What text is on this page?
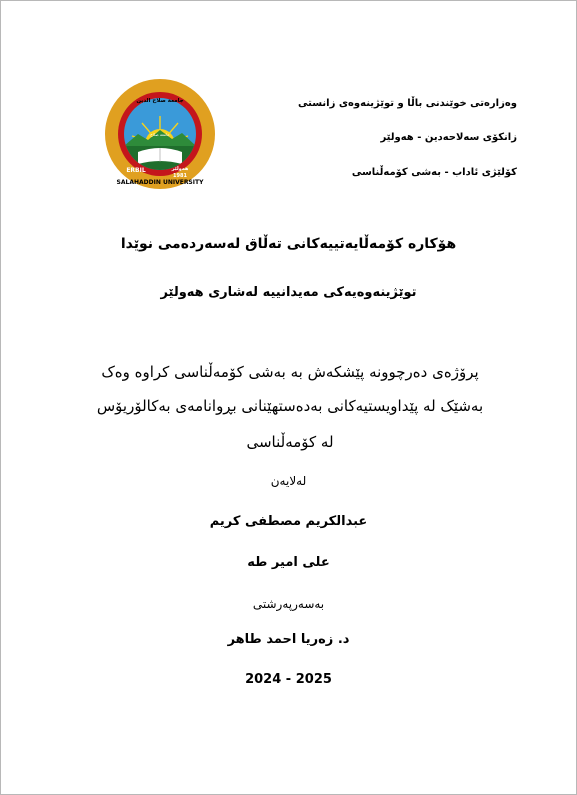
جامعة صلاح الدين
جامعة صلاح
ERBIL	هەولێر
1981
SALAHADDIN UNIVERSITY
وەزارەتی خوێندنی باڵا و توێژینەوەی زانستی
زانکۆی سەلاحەدین - هەولێر
کۆلێژی ئاداب - بەشی کۆمەڵناسی
هۆکارە کۆمەڵایەتییەکانی تەڵاق لەسەردەمی نوێدا
توێژینەوەیەکی مەیدانییە لەشاری هەولێر
پرۆژەی دەرچوونە پێشکەش بە بەشی کۆمەڵناسی کراوە وەک
بەشێک لە پێداویستیەکانی بەدەستهێنانی بڕوانامەی بەکالۆریۆس
لە کۆمەڵناسی
لەلایەن
عبدالكريم مصطفى كريم
على امير طه
بەسەرپەرشتی
د. زەریا احمد طاهر
2024 - 2025
